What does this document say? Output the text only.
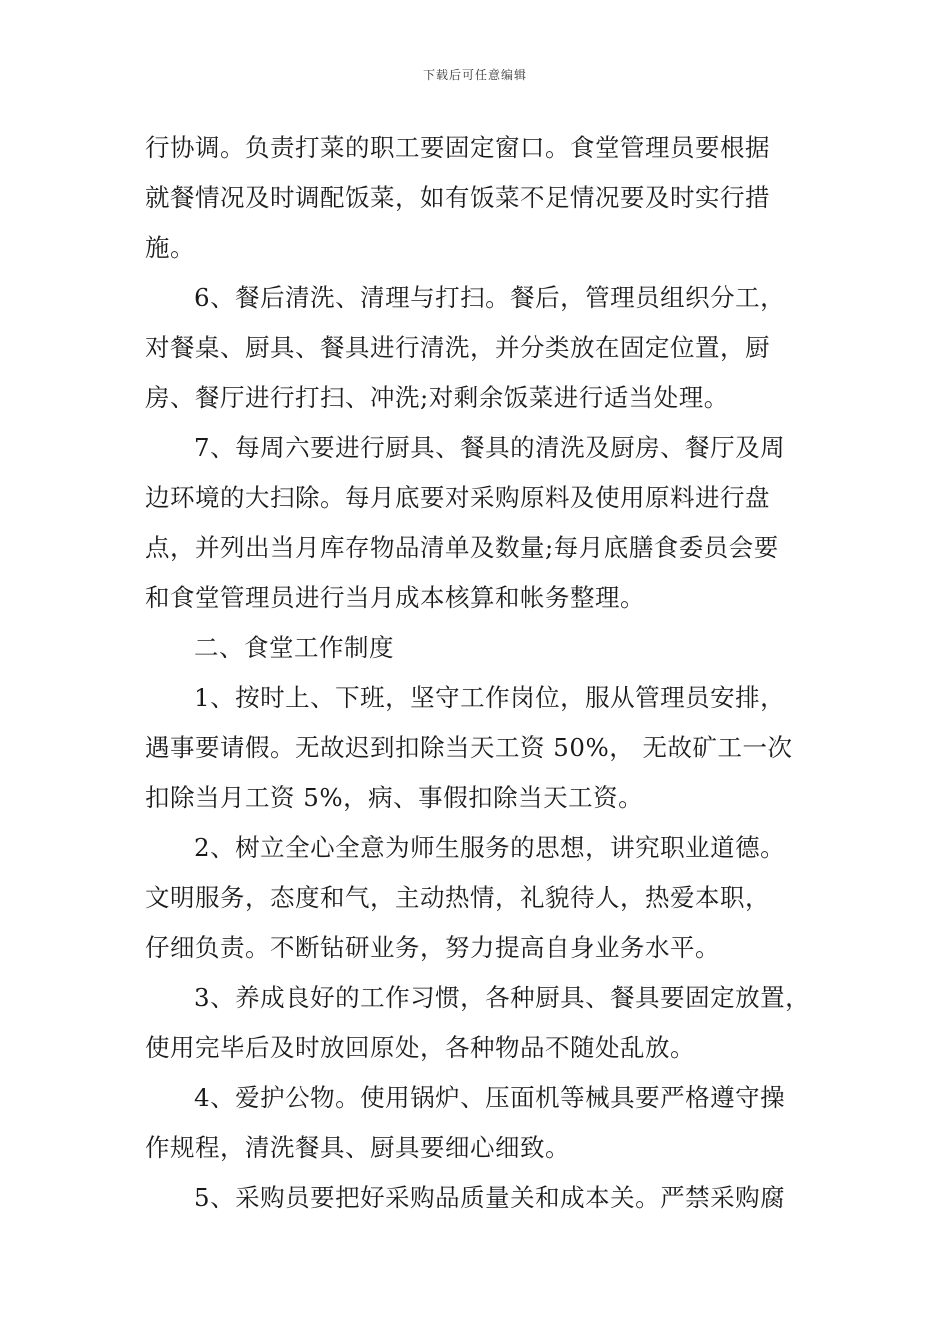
下载后可任意编辑
行协调。负责打菜的职工要固定窗口。食堂管理员要根据
就餐情况及时调配饭菜，如有饭菜不足情况要及时实行措
施。
6、餐后清洗、清理与打扫。餐后，管理员组织分工，
对餐桌、厨具、餐具进行清洗，并分类放在固定位置，厨
房、餐厅进行打扫、冲洗;对剩余饭菜进行适当处理。
7、每周六要进行厨具、餐具的清洗及厨房、餐厅及周
边环境的大扫除。每月底要对采购原料及使用原料进行盘
点，并列出当月库存物品清单及数量;每月底膳食委员会要
和食堂管理员进行当月成本核算和帐务整理。
二、食堂工作制度
1、按时上、下班，坚守工作岗位，服从管理员安排，
遇事要请假。无故迟到扣除当天工资 50%， 无故矿工一次
扣除当月工资 5%，病、事假扣除当天工资。
2、树立全心全意为师生服务的思想，讲究职业道德。
文明服务，态度和气，主动热情，礼貌待人，热爱本职，
仔细负责。不断钻研业务，努力提高自身业务水平。
3、养成良好的工作习惯，各种厨具、餐具要固定放置，
使用完毕后及时放回原处，各种物品不随处乱放。
4、爱护公物。使用锅炉、压面机等械具要严格遵守操
作规程，清洗餐具、厨具要细心细致。
5、采购员要把好采购品质量关和成本关。严禁采购腐
